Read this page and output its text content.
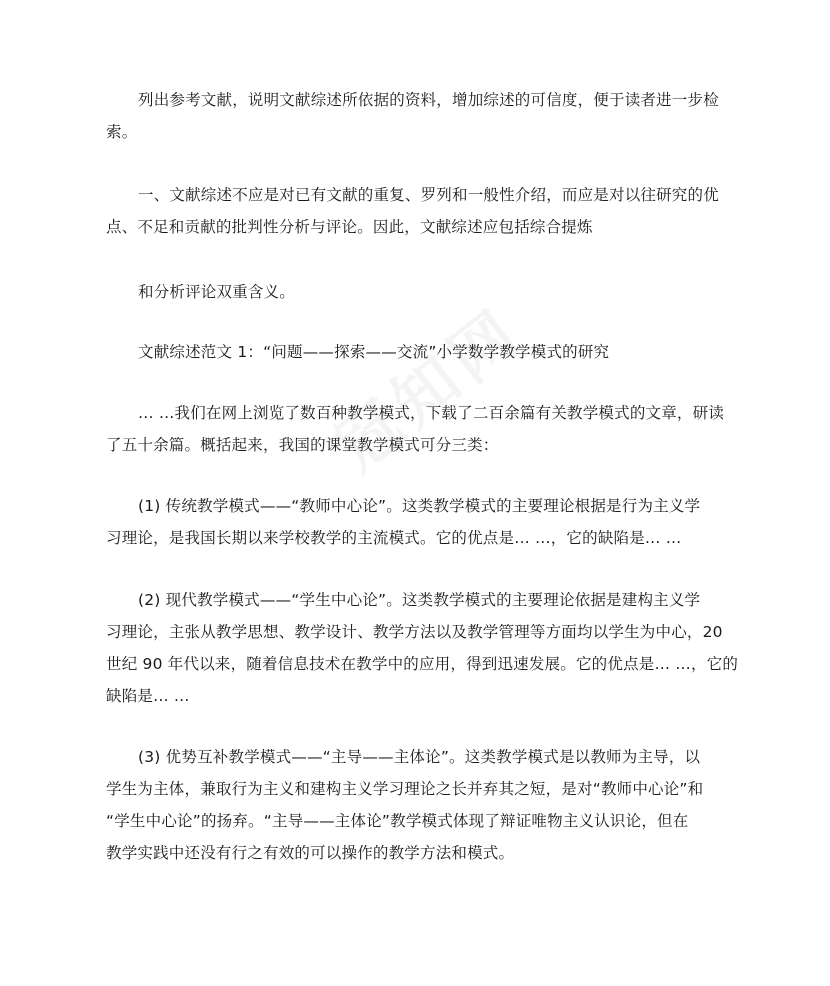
列出参考文献，说明文献综述所依据的资料，增加综述的可信度，便于读者进一步检
索。

一、文献综述不应是对已有文献的重复、罗列和一般性介绍，而应是对以往研究的优
点、不足和贡献的批判性分析与评论。因此，文献综述应包括综合提炼

和分析评论双重含义。

文献综述范文 1：“问题——探索——交流”小学数学教学模式的研究

… …我们在网上浏览了数百种教学模式，下载了二百余篇有关教学模式的文章，研读
了五十余篇。概括起来，我国的课堂教学模式可分三类：

(1) 传统教学模式——“教师中心论”。这类教学模式的主要理论根据是行为主义学
习理论，是我国长期以来学校教学的主流模式。它的优点是… …，它的缺陷是… …

(2) 现代教学模式——“学生中心论”。这类教学模式的主要理论依据是建构主义学
习理论，主张从教学思想、教学设计、教学方法以及教学管理等方面均以学生为中心，20
世纪 90 年代以来，随着信息技术在教学中的应用，得到迅速发展。它的优点是… …，它的
缺陷是… …

(3) 优势互补教学模式——“主导——主体论”。这类教学模式是以教师为主导，以
学生为主体，兼取行为主义和建构主义学习理论之长并弃其之短，是对“教师中心论”和
“学生中心论”的扬弃。“主导——主体论”教学模式体现了辩证唯物主义认识论，但在
教学实践中还没有行之有效的可以操作的教学方法和模式。
